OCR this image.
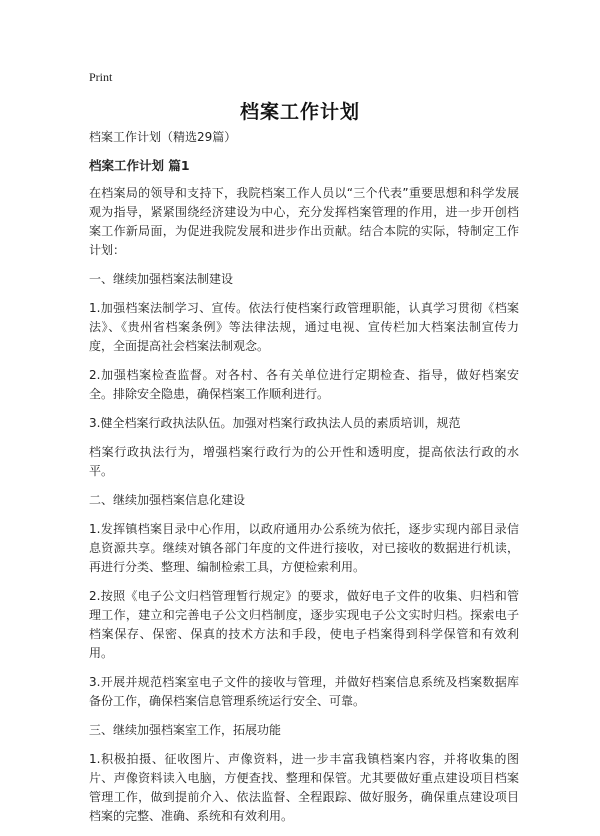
Print
档案工作计划
档案工作计划（精选29篇）
档案工作计划 篇1
在档案局的领导和支持下，我院档案工作人员以“三个代表”重要思想和科学发展观为指导，紧紧围绕经济建设为中心，充分发挥档案管理的作用，进一步开创档案工作新局面，为促进我院发展和进步作出贡献。结合本院的实际，特制定工作计划：
一、继续加强档案法制建设
1.加强档案法制学习、宣传。依法行使档案行政管理职能，认真学习贯彻《档案法》、《贵州省档案条例》等法律法规，通过电视、宣传栏加大档案法制宣传力度，全面提高社会档案法制观念。
2.加强档案检查监督。对各村、各有关单位进行定期检查、指导，做好档案安全。排除安全隐患，确保档案工作顺利进行。
3.健全档案行政执法队伍。加强对档案行政执法人员的素质培训，规范
档案行政执法行为，增强档案行政行为的公开性和透明度，提高依法行政的水平。
二、继续加强档案信息化建设
1.发挥镇档案目录中心作用，以政府通用办公系统为依托，逐步实现内部目录信息资源共享。继续对镇各部门年度的文件进行接收，对已接收的数据进行机读，再进行分类、整理、编制检索工具，方便检索利用。
2.按照《电子公文归档管理暂行规定》的要求，做好电子文件的收集、归档和管理工作，建立和完善电子公文归档制度，逐步实现电子公文实时归档。探索电子档案保存、保密、保真的技术方法和手段，使电子档案得到科学保管和有效利用。
3.开展并规范档案室电子文件的接收与管理，并做好档案信息系统及档案数据库备份工作，确保档案信息管理系统运行安全、可靠。
三、继续加强档案室工作，拓展功能
1.积极拍摄、征收图片、声像资料，进一步丰富我镇档案内容，并将收集的图片、声像资料读入电脑，方便查找、整理和保管。尤其要做好重点建设项目档案管理工作，做到提前介入、依法监督、全程跟踪、做好服务，确保重点建设项目档案的完整、准确、系统和有效利用。
